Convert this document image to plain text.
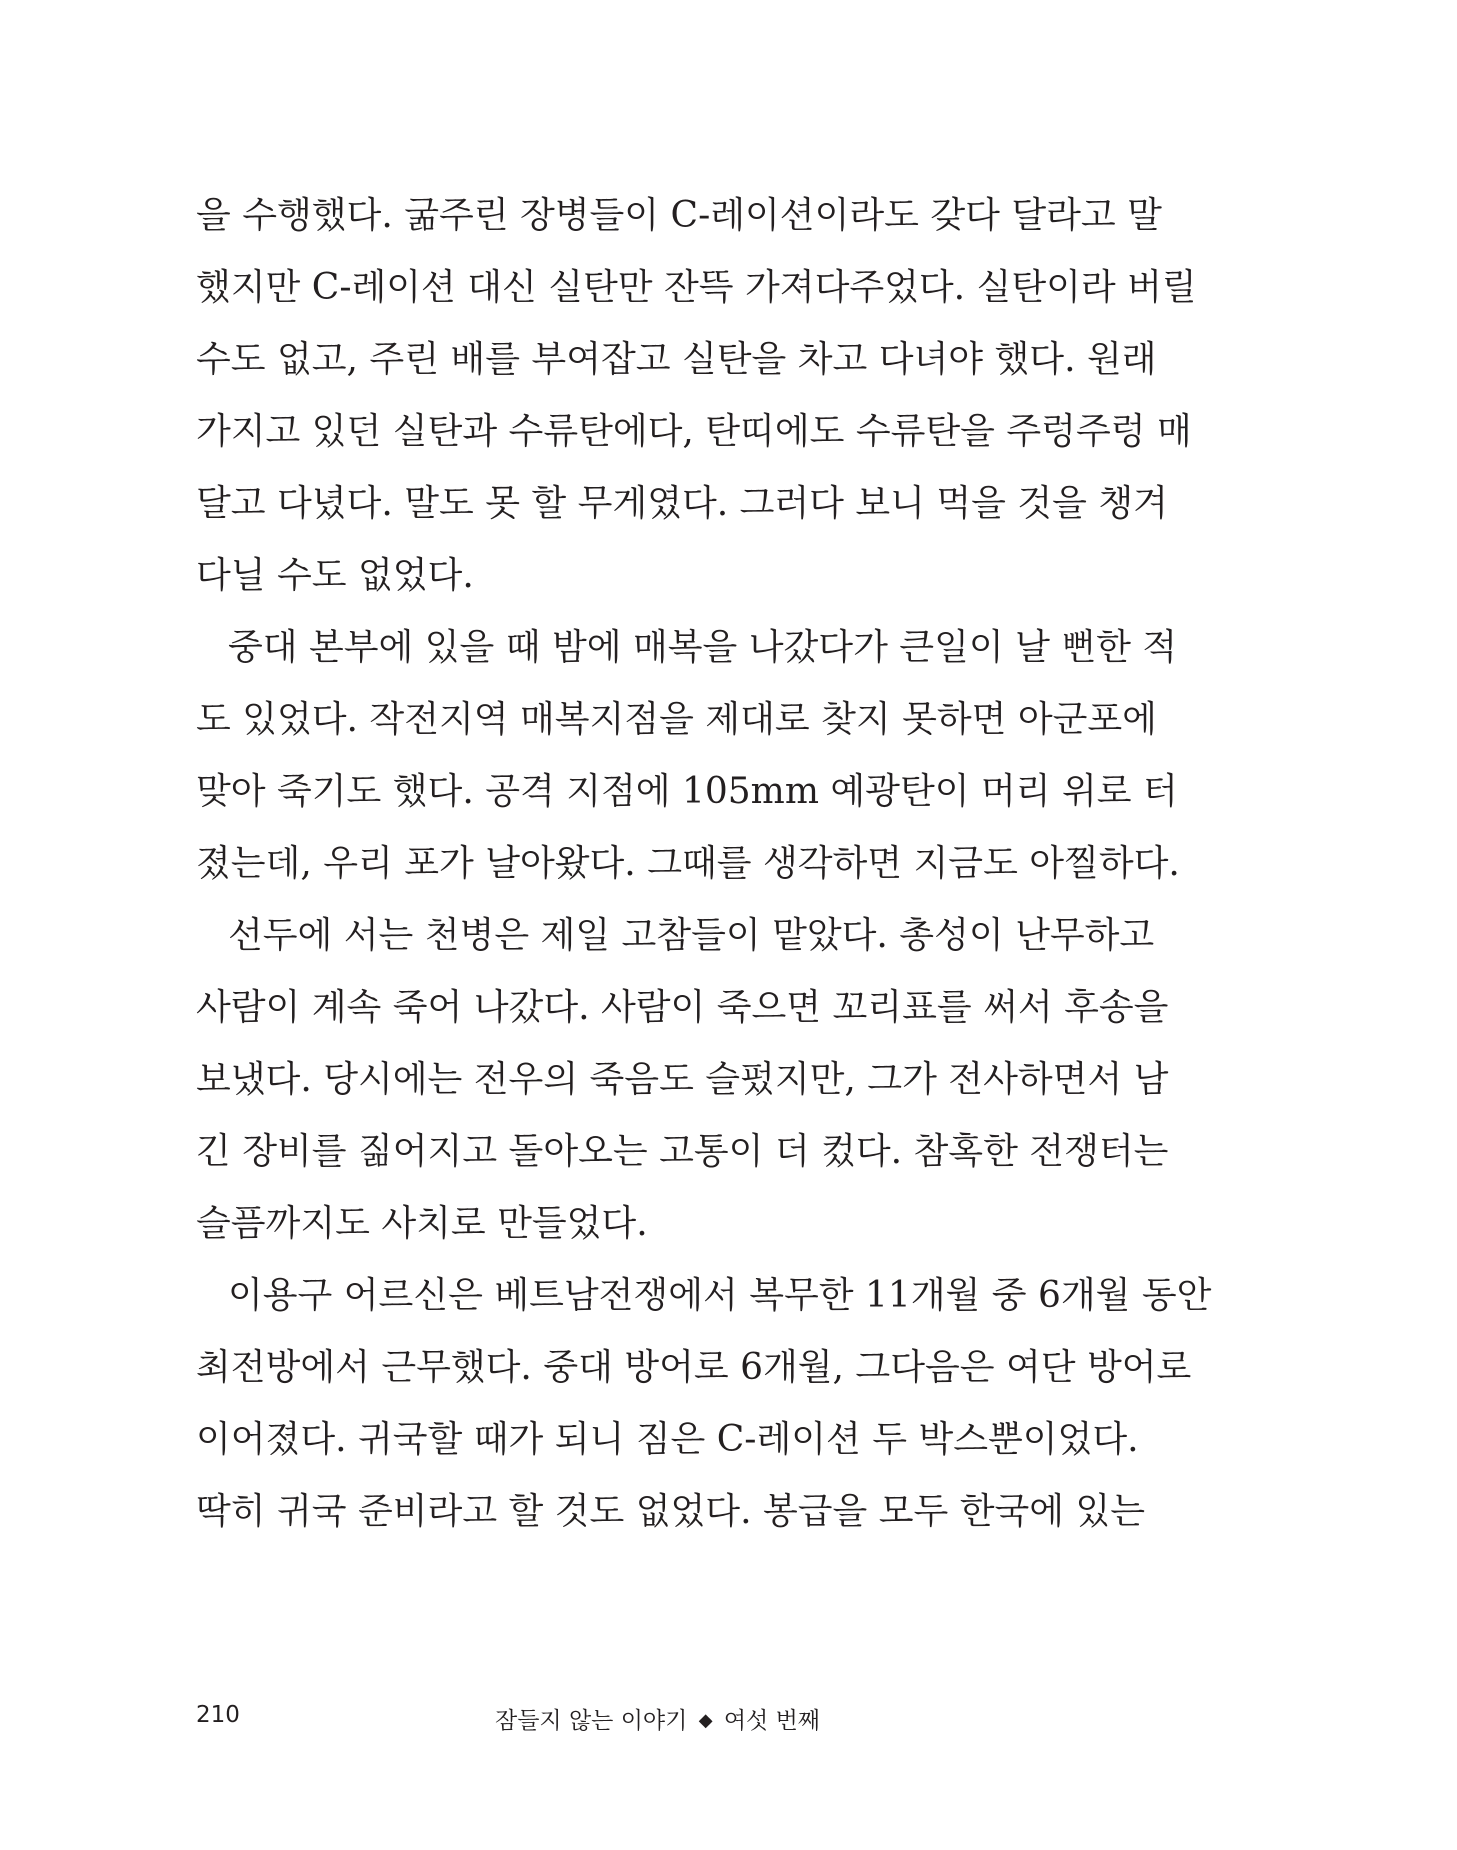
을 수행했다. 굶주린 장병들이 C-레이션이라도 갖다 달라고 말
했지만 C-레이션 대신 실탄만 잔뜩 가져다주었다. 실탄이라 버릴
수도 없고, 주린 배를 부여잡고 실탄을 차고 다녀야 했다. 원래
가지고 있던 실탄과 수류탄에다, 탄띠에도 수류탄을 주렁주렁 매
달고 다녔다. 말도 못 할 무게였다. 그러다 보니 먹을 것을 챙겨
다닐 수도 없었다.
중대 본부에 있을 때 밤에 매복을 나갔다가 큰일이 날 뻔한 적
도 있었다. 작전지역 매복지점을 제대로 찾지 못하면 아군포에
맞아 죽기도 했다. 공격 지점에 105mm 예광탄이 머리 위로 터
졌는데, 우리 포가 날아왔다. 그때를 생각하면 지금도 아찔하다.
선두에 서는 천병은 제일 고참들이 맡았다. 총성이 난무하고
사람이 계속 죽어 나갔다. 사람이 죽으면 꼬리표를 써서 후송을
보냈다. 당시에는 전우의 죽음도 슬펐지만, 그가 전사하면서 남
긴 장비를 짊어지고 돌아오는 고통이 더 컸다. 참혹한 전쟁터는
슬픔까지도 사치로 만들었다.
이용구 어르신은 베트남전쟁에서 복무한 11개월 중 6개월 동안
최전방에서 근무했다. 중대 방어로 6개월, 그다음은 여단 방어로
이어졌다. 귀국할 때가 되니 짐은 C-레이션 두 박스뿐이었다.
딱히 귀국 준비라고 할 것도 없었다. 봉급을 모두 한국에 있는
210	잠들지 않는 이야기 ◆ 여섯 번째
